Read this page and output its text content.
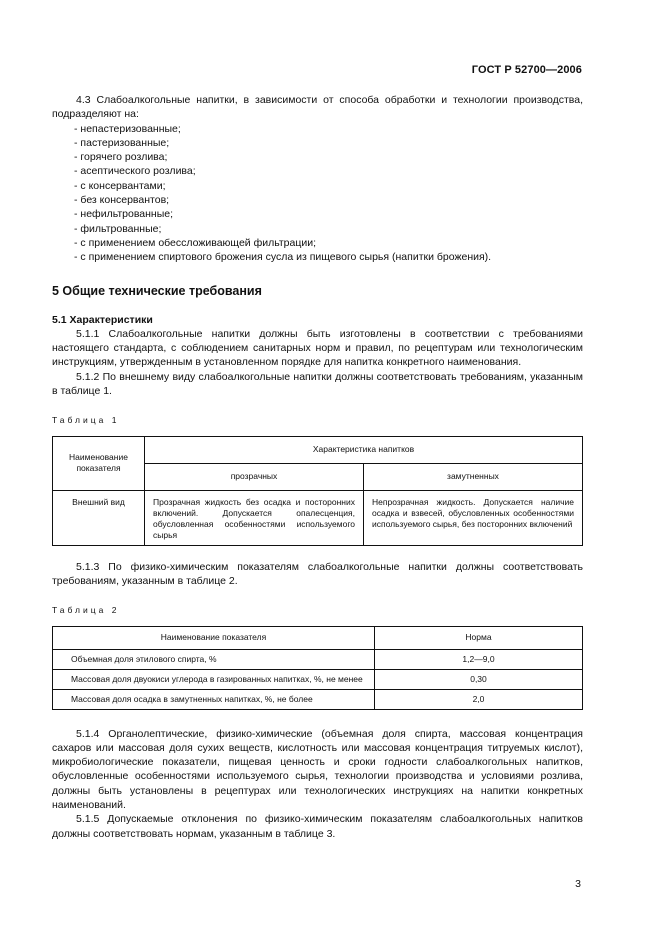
ГОСТ Р 52700—2006

4.3 Слабоалкогольные напитки, в зависимости от способа обработки и технологии производства, подразделяют на:

- непастеризованные;
- пастеризованные;
- горячего розлива;
- асептического розлива;
- с консервантами;
- без консервантов;
- нефильтрованные;
- фильтрованные;
- с применением обессложивающей фильтрации;
- с применением спиртового брожения сусла из пищевого сырья (напитки брожения).
5 Общие технические требования

5.1 Характеристики

5.1.1 Слабоалкогольные напитки должны быть изготовлены в соответствии с требованиями настоящего стандарта, с соблюдением санитарных норм и правил, по рецептурам или технологическим инструкциям, утвержденным в установленном порядке для напитка конкретного наименования.

5.1.2 По внешнему виду слабоалкогольные напитки должны соответствовать требованиям, указанным в таблице 1.

Таблица 1
Наименование показателя	Характеристика напитков	
	прозрачных	замутненных
Внешний вид	Прозрачная жидкость без осадка и посторонних включений. Допускается опалесценция, обусловленная особенностями используемого сырья	Непрозрачная жидкость. Допускается наличие осадка и взвесей, обусловленных особенностями используемого сырья, без посторонних включений

5.1.3 По физико-химическим показателям слабоалкогольные напитки должны соответствовать требованиям, указанным в таблице 2.

Таблица 2
Наименование показателя	Норма
Объемная доля этилового спирта, %	1,2—9,0
Массовая доля двуокиси углерода в газированных напитках, %, не менее	0,30
Массовая доля осадка в замутненных напитках, %, не более	2,0

5.1.4 Органолептические, физико-химические (объемная доля спирта, массовая концентрация сахаров или массовая доля сухих веществ, кислотность или массовая концентрация титруемых кислот), микробиологические показатели, пищевая ценность и сроки годности слабоалкогольных напитков, обусловленные особенностями используемого сырья, технологии производства и условиями розлива, должны быть установлены в рецептурах или технологических инструкциях на напитки конкретных наименований.

5.1.5 Допускаемые отклонения по физико-химическим показателям слабоалкогольных напитков должны соответствовать нормам, указанным в таблице 3.

3
